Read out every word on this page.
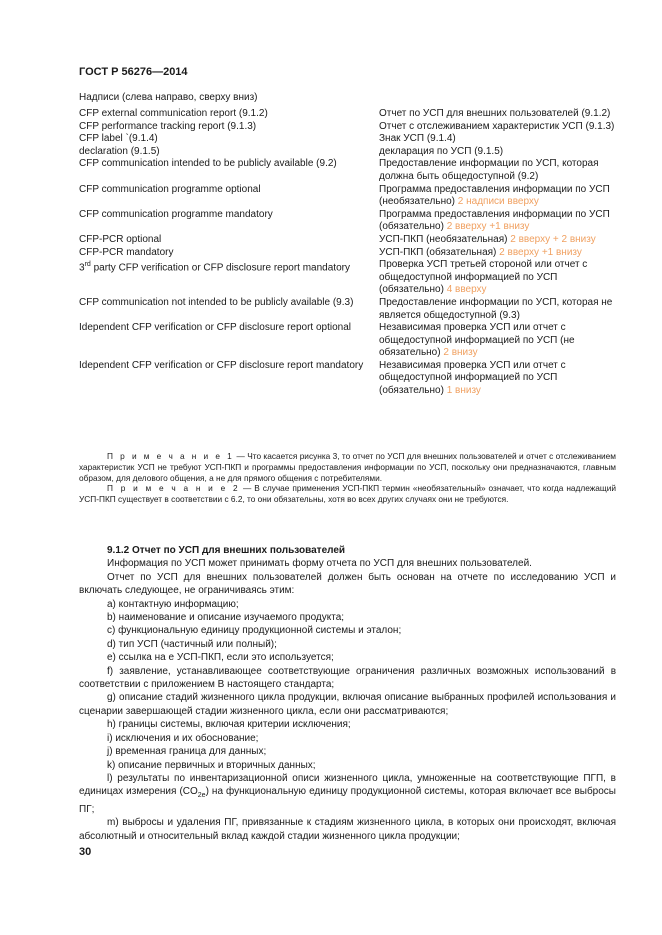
ГОСТ Р 56276—2014
Надписи (слева направо, сверху вниз)
CFP external communication report (9.1.2)	Отчет по УСП для внешних пользователей (9.1.2)
CFP performance tracking report (9.1.3)	Отчет с отслеживанием характеристик УСП (9.1.3)
CFP label `(9.1.4)	Знак УСП (9.1.4)
declaration (9.1.5)	декларация по УСП (9.1.5)
CFP communication intended to be publicly available (9.2)	Предоставление информации по УСП, которая должна быть общедоступной (9.2)
CFP communication programme optional	Программа предоставления информации по УСП (необязательно) 2 надписи вверху
CFP communication programme mandatory	Программа предоставления информации по УСП (обязательно) 2 вверху +1 внизу
CFP-PCR optional	УСП-ПКП (необязательная) 2 вверху + 2 внизу
CFP-PCR mandatory	УСП-ПКП (обязательная) 2 вверху +1 внизу
3rd party CFP verification or CFP disclosure report mandatory	Проверка УСП третьей стороной или отчет с общедоступной информацией по УСП (обязательно) 4 вверху
CFP communication not intended to be publicly available (9.3)	Предоставление информации по УСП, которая не является общедоступной (9.3)
Idependent CFP verification or CFP disclosure report optional	Независимая проверка УСП или отчет с общедоступной информацией по УСП (не обязательно) 2 внизу
Idependent CFP verification or CFP disclosure report mandatory	Независимая проверка УСП или отчет с общедоступной информацией по УСП (обязательно) 1 внизу

П р и м е ч а н и е 1 — Что касается рисунка 3, то отчет по УСП для внешних пользователей и отчет с отслеживанием характеристик УСП не требуют УСП-ПКП и программы предоставления информации по УСП, поскольку они предназначаются, главным образом, для делового общения, а не для прямого общения с потребителями.

П р и м е ч а н и е 2 — В случае применения УСП-ПКП термин «необязательный» означает, что когда надлежащий УСП-ПКП существует в соответствии с 6.2, то они обязательны, хотя во всех других случаях они не требуются.

9.1.2 Отчет по УСП для внешних пользователей

Информация по УСП может принимать форму отчета по УСП для внешних пользователей.

Отчет по УСП для внешних пользователей должен быть основан на отчете по исследованию УСП и включать следующее, не ограничиваясь этим:

a) контактную информацию;

b) наименование и описание изучаемого продукта;

c) функциональную единицу продукционной системы и эталон;

d) тип УСП (частичный или полный);

e) ссылка на е УСП-ПКП, если это используется;

f) заявление, устанавливающее соответствующие ограничения различных возможных использований в соответствии с приложением В настоящего стандарта;

g) описание стадий жизненного цикла продукции, включая описание выбранных профилей использования и сценарии завершающей стадии жизненного цикла, если они рассматриваются;

h) границы системы, включая критерии исключения;

i) исключения и их обоснование;

j) временная граница для данных;

k) описание первичных и вторичных данных;

l) результаты по инвентаризационной описи жизненного цикла, умноженные на соответствующие ПГП, в единицах измерения $(CO_{2e})$ на функциональную единицу продукционной системы, которая включает все выбросы ПГ;

m) выбросы и удаления ПГ, привязанные к стадиям жизненного цикла, в которых они происходят, включая абсолютный и относительный вклад каждой стадии жизненного цикла продукции;

30
